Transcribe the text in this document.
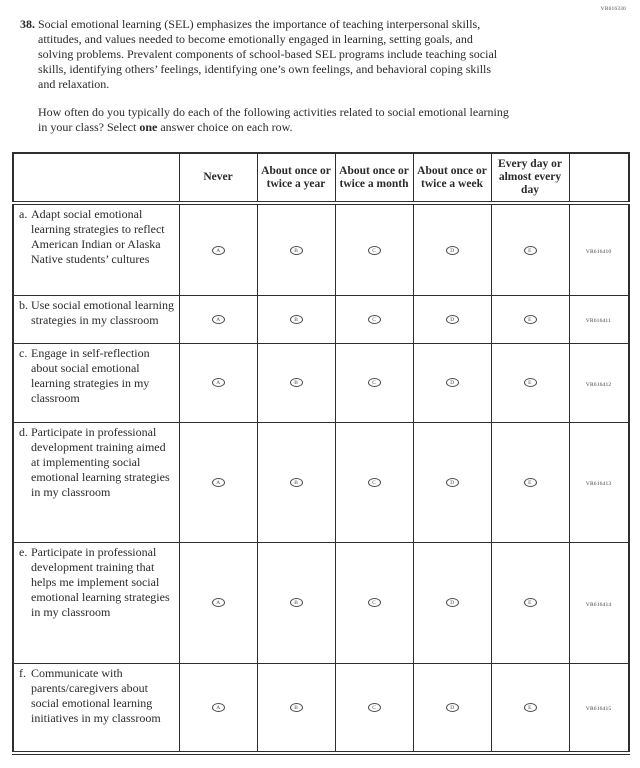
VR616330
38. Social emotional learning (SEL) emphasizes the importance of teaching interpersonal skills, attitudes, and values needed to become emotionally engaged in learning, setting goals, and solving problems. Prevalent components of school-based SEL programs include teaching social skills, identifying others’ feelings, identifying one’s own feelings, and behavioral coping skills and relaxation.
How often do you typically do each of the following activities related to social emotional learning in your class? Select one answer choice on each row.
	Never	About once or twice a year	About once or twice a month	About once or twice a week	Every day or almost every day	

a. Adapt social emotional learning strategies to reflect American Indian or Alaska Native students’ cultures	A	B	C	D	E	VR616410

b. Use social emotional learning strategies in my classroom	A	B	C	D	E	VR616411

c. Engage in self-reflection about social emotional learning strategies in my classroom	A	B	C	D	E	VR616412

d. Participate in professional development training aimed at implementing social emotional learning strategies in my classroom	A	B	C	D	E	VR616413

e. Participate in professional development training that helps me implement social emotional learning strategies in my classroom	A	B	C	D	E	VR616414

f. Communicate with parents/caregivers about social emotional learning initiatives in my classroom	A	B	C	D	E	VR616415
